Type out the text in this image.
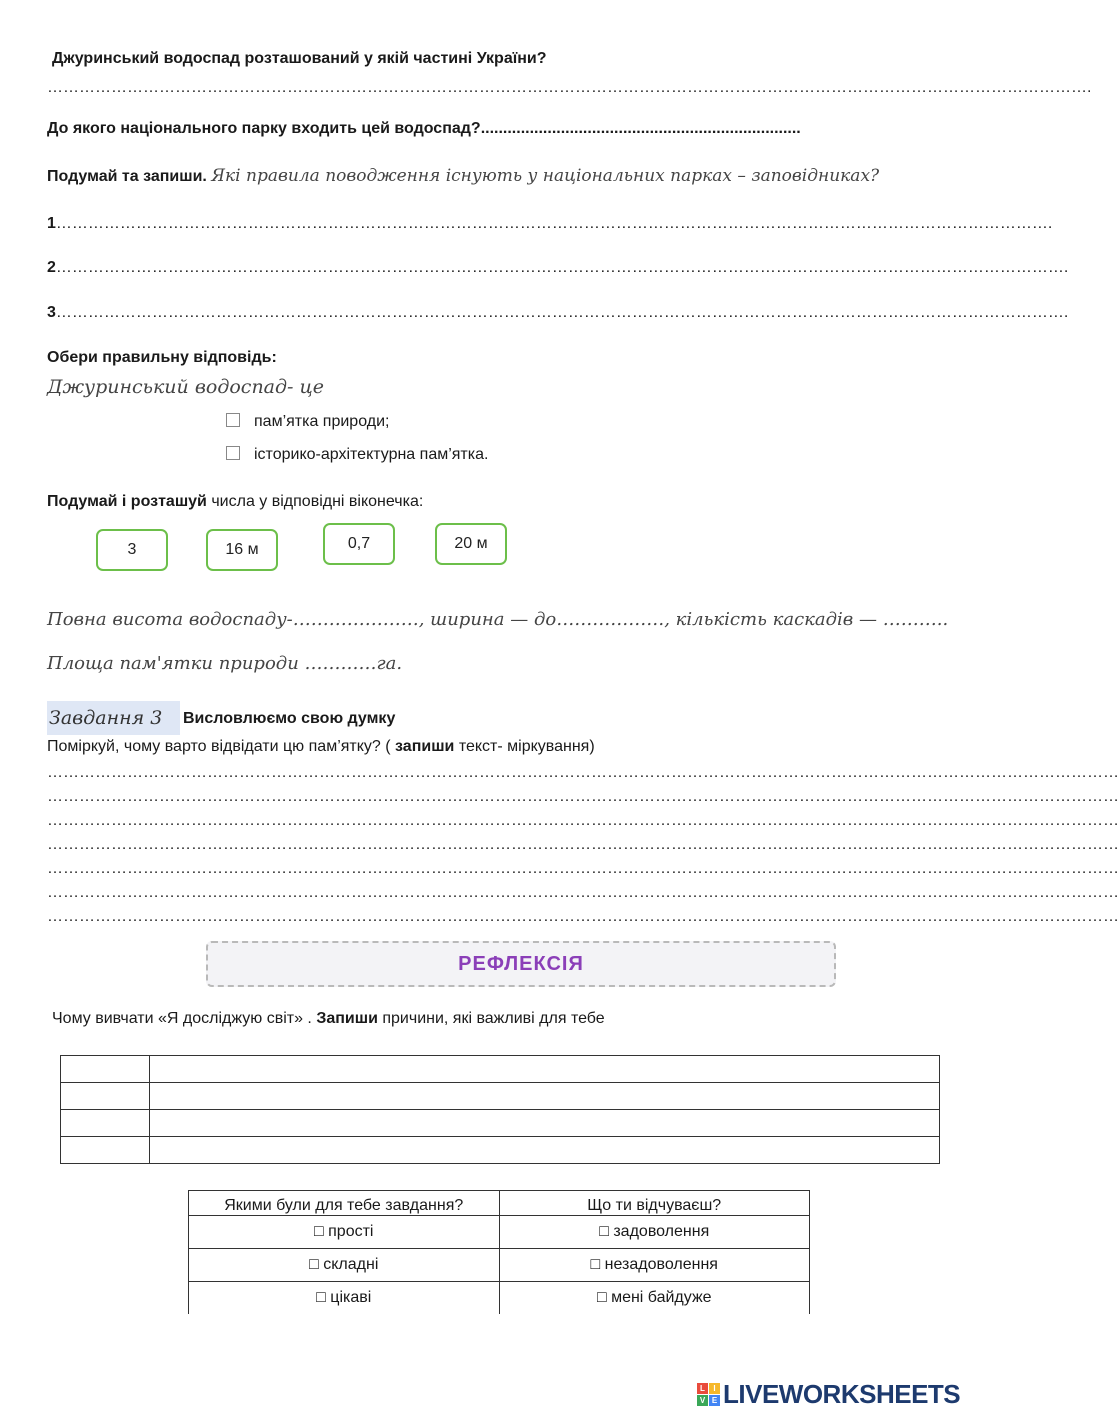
Джуринський водоспад розташований у якій частині України?
…………………………………………………………………………………………………………………………………………………………………………….
До якого національного парку входить цей водоспад?........................................................................
Подумай та запиши. Які правила поводження існують у національних парках – заповідниках?
1…………………………………………………………………………………………………………………………………………………………………….
2……………………………………………………………………………………………………………………………………………………………………….
3……………………………………………………………………………………………………………………………………………………………………….
Обери правильну відповідь:
Джуринський водоспад- це
пам’ятка природи;
історико-архітектурна пам’ятка.
Подумай і розташуй числа у відповідні віконечка:
3	16 м	0,7	20 м
Повна висота водоспаду-…………………, ширина — до………………, кількість каскадів — ………..
Площа пам'ятки природи …………га.
Завдання 3	Висловлюємо свою думку
Поміркуй, чому варто відвідати цю пам’ятку? ( запиши текст- міркування)
…………………………………………………………………………………………………………………………………………………………………………………
…………………………………………………………………………………………………………………………………………………………………………………
…………………………………………………………………………………………………………………………………………………………………………………
…………………………………………………………………………………………………………………………………………………………………………………
…………………………………………………………………………………………………………………………………………………………………………………
…………………………………………………………………………………………………………………………………………………………………………………
…………………………………………………………………………………………………………………………………………………………………………………
РЕФЛЕКСІЯ
Чому вивчати «Я досліджую світ» . Запиши причини, які важливі для тебе

Якими були для тебе завдання?	Що ти відчуваєш?
□ прості	□ задоволення
□ складні	□ незадоволення
□ цікаві	□ мені байдуже
L	I
V E LIVEWORKSHEETS
